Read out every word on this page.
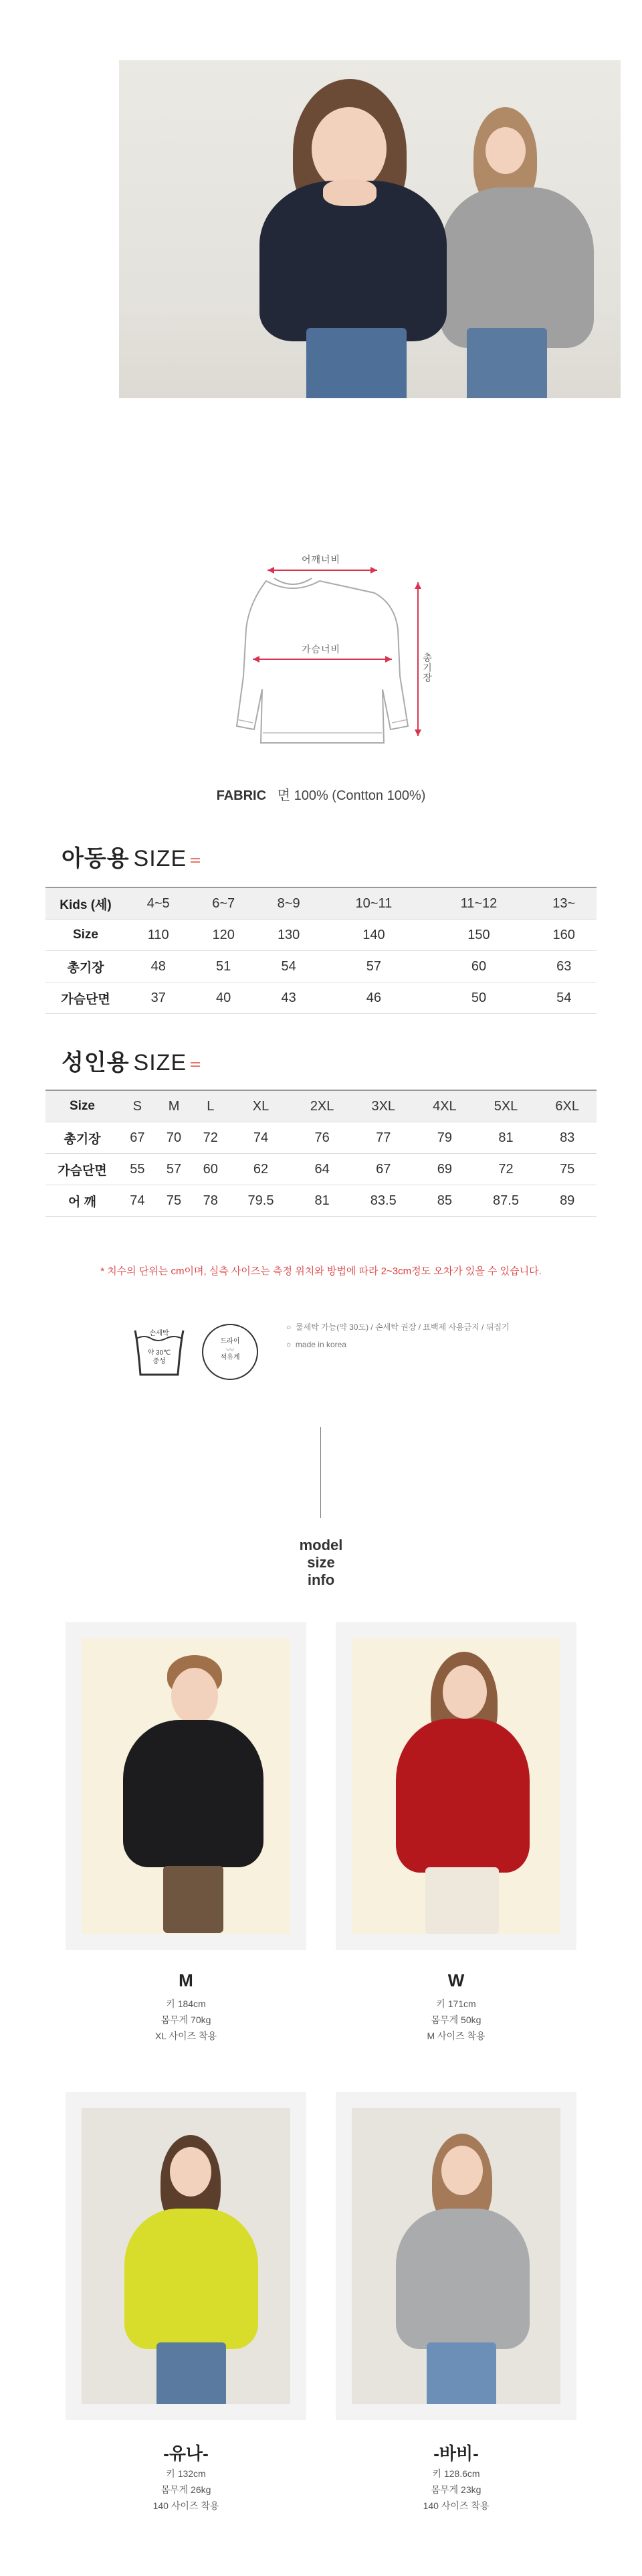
어깨너비
가슴너비
총기장
FABRIC 면 100% (Contton 100%)
아동용 SIZE
Kids (세)	4~5	6~7	8~9	10~11	11~12	13~
Size	110	120	130	140	150	160
총기장	48	51	54	57	60	63
가슴단면	37	40	43	46	50	54
성인용 SIZE
Size	S	M	L	XL	2XL	3XL	4XL	5XL	6XL
총기장	67	70	72	74	76	77	79	81	83
가슴단면	55	57	60	62	64	67	69	72	75
어 깨	74	75	78	79.5	81	83.5	85	87.5	89
* 치수의 단위는 cm이며, 실측 사이즈는 측정 위치와 방법에 따라 2~3cm정도 오차가 있을 수 있습니다.
손세탁
약 30℃
중성
드라이
〰
석유계
○  물세탁 가능(약 30도) / 손세탁 권장 / 표백제 사용금지 / 뒤집기
○  made in korea
model
size
info
M
키 184cm
몸무게 70kg
XL 사이즈 착용
W
키 171cm
몸무게 50kg
M 사이즈 착용
-유나-
키 132cm
몸무게 26kg
140 사이즈 착용
-바비-
키 128.6cm
몸무게 23kg
140 사이즈 착용
